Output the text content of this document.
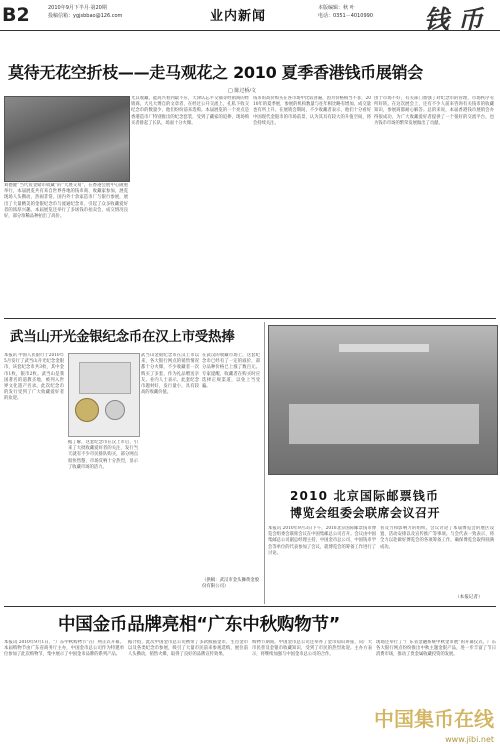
B2	2010年9月下半月·第20期
投稿信箱：ygjsbbao@126.com	业内新闻
本版编辑：秋 叶
电话：0351－4010990 钱 币
莫待无花空折枝——走马观花之 2010 夏季香港钱币展销会
□ 陈过桥/文
刘德健“当代资金储币收藏”的“大展交易”，在香港会展中心隆重举行，本届展览共有来自世界各地的钱币商、收藏家参加，展览现场人头攒动，热闹非常。国内外十余家造币厂与银行参展，展出了大量精美的金银纪念币与流通纪念币，引起了众多收藏爱好者的浓厚兴趣。本届展览还举行了多场钱币拍卖会，成交情况良好，部分珍稀品种拍出了高价。
光其收藏，能高兴看到最不应，天津认忘平交铺等经销商的经销商。大凡大博自的文章者，在经过公开交流上，孔私下收交纪念币的数量少，他们纷纷前来选购。本届展览的一个亮点是香港造币厂特别推出的纪念套装，受到了藏家的追捧，现场购买者排起了长队，场面十分火爆。
钱币的高价购买在各市场中比较普遍，因为价格相当不菲，2010年的夏季展，参展的机构数量与往年相比略有增加，成交量也有所上升。在展销会期间，不少收藏者表示，他们十分看好中国现代金银币的市场前景，认为其具有较大的升值空间，将会持续关注。
由于市场不好，有关部门加强了对纪念币的管理，市场秩序有所好转。在这次展会上，还有不少人前来咨询有关钱币的收藏知识，参展商都耐心解答。总的来说，本届香港钱币展销会办得很成功，为广大收藏爱好者提供了一个很好的交流平台，也为钱币市场的繁荣发展做出了贡献。
武当山开光金银纪念币在汉上市受热捧
本报讯 中国人民银行于2010年5月发行了武当山开光纪念金银币，该套纪念币共3枚，其中金币1枚，银币2枚。武当山是我国著名的道教圣地，被列入世界文化遗产名录。此次纪念币的发行受到了广大收藏爱好者的欢迎。
据了解，这套纪念币在汉上市后，引来了大批收藏爱好者的关注，发行当天就有不少市民排队购买，部分网点很快售罄，市场反响十分热烈，显示了收藏市场的活力。
武当山金银纪念币在汉上市以来，各大银行网点的销售情况都十分火爆，不少收藏者一次购买了多套，作为礼品赠送亲友。业内人士表示，此套纪念币题材好，发行量小，具有较高的收藏价值。
在武汉的收藏市场上，这套纪念币已经有了一定的溢价，部分品种价格已上涨了数百元。专家提醒，收藏者在购买时应选择正规渠道，以免上当受骗。
（供稿：武汉市金头狮黄金股份有限公司）
2010 北京国际邮票钱币
博览会组委会联席会议召开
本报讯 2010年9月3日下午，2010北京国际邮票钱币博览会组委会联席会议在中国集邮总公司召开。会议由中国集邮总公司副总经理主持，中国金币总公司、中国钱币学会等单位的代表参加了会议，就博览会的筹备工作进行了讨论。
普及力和影响力的组织。会议讨论了本届博览会的展区设置、活动安排以及宣传推广等事项。与会代表一致表示，将全力以赴做好博览会的各项筹备工作，确保博览会取得圆满成功。
（本报记者）
中国金币品牌亮相“广东中秋购物节”
本报讯 2010年9月1日，“广东中秋购物节”在广州正式开幕。本届购物节由广东省商务厅主办，中国金币总公司作为特邀单位参加了此次购物节，集中展示了中国金币品牌的系列产品。
据介绍，此次中国金币总公司携带了多款熊猫金币、生肖金币以及各类纪念币参展，吸引了大量市民前来参观选购，展位前人头攒动，销售火爆，取得了良好的品牌宣传效果。
购物节期间，中国金币总公司还举办了金币知识讲座，向广大市民普及金银币收藏知识，受到了市民的热烈欢迎。主办方表示，将继续加强与中国金币总公司的合作。
现场还举行了“广东省金融系统中秋金币展”的开幕仪式，广东各大银行网点纷纷推出中秋主题金银产品，进一步丰富了节日消费市场，推动了贵金属收藏投资的发展。
中国集币在线
www.jibi.net
